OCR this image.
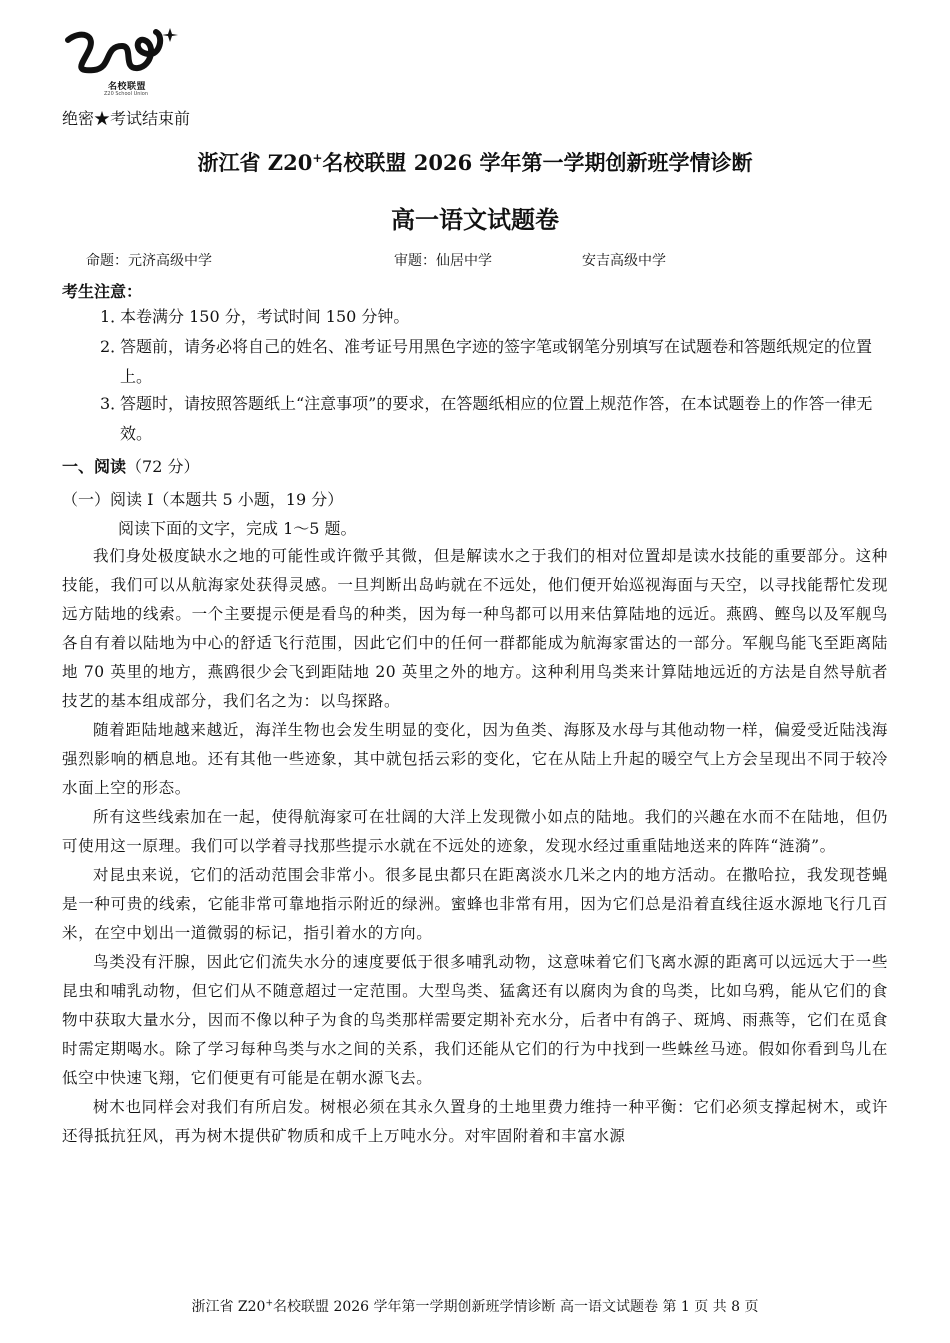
名校联盟
Z20 School Union
绝密★考试结束前
浙江省 Z20+名校联盟 2026 学年第一学期创新班学情诊断
高一语文试题卷
命题：元济高级中学	审题：仙居中学	安吉高级中学
考生注意：
1．
本卷满分 150 分，考试时间 150 分钟。
2．
答题前，请务必将自己的姓名、准考证号用黑色字迹的签字笔或钢笔分别填写在试题卷和答题纸规定的位置上。
3．
答题时，请按照答题纸上“注意事项”的要求，在答题纸相应的位置上规范作答，在本试题卷上的作答一律无效。
一、阅读（72 分）
（一）阅读 I（本题共 5 小题，19 分）
阅读下面的文字，完成 1～5 题。

我们身处极度缺水之地的可能性或许微乎其微，但是解读水之于我们的相对位置却是读水技能的重要部分。这种技能，我们可以从航海家处获得灵感。一旦判断出岛屿就在不远处，他们便开始巡视海面与天空，以寻找能帮忙发现远方陆地的线索。一个主要提示便是看鸟的种类，因为每一种鸟都可以用来估算陆地的远近。燕鸥、鲣鸟以及军舰鸟各自有着以陆地为中心的舒适飞行范围，因此它们中的任何一群都能成为航海家雷达的一部分。军舰鸟能飞至距离陆地 70 英里的地方，燕鸥很少会飞到距陆地 20 英里之外的地方。这种利用鸟类来计算陆地远近的方法是自然导航者技艺的基本组成部分，我们名之为：以鸟探路。

随着距陆地越来越近，海洋生物也会发生明显的变化，因为鱼类、海豚及水母与其他动物一样，偏爱受近陆浅海强烈影响的栖息地。还有其他一些迹象，其中就包括云彩的变化，它在从陆上升起的暖空气上方会呈现出不同于较冷水面上空的形态。

所有这些线索加在一起，使得航海家可在壮阔的大洋上发现微小如点的陆地。我们的兴趣在水而不在陆地，但仍可使用这一原理。我们可以学着寻找那些提示水就在不远处的迹象，发现水经过重重陆地送来的阵阵“涟漪”。

对昆虫来说，它们的活动范围会非常小。很多昆虫都只在距离淡水几米之内的地方活动。在撒哈拉，我发现苍蝇是一种可贵的线索，它能非常可靠地指示附近的绿洲。蜜蜂也非常有用，因为它们总是沿着直线往返水源地飞行几百米，在空中划出一道微弱的标记，指引着水的方向。

鸟类没有汗腺，因此它们流失水分的速度要低于很多哺乳动物，这意味着它们飞离水源的距离可以远远大于一些昆虫和哺乳动物，但它们从不随意超过一定范围。大型鸟类、猛禽还有以腐肉为食的鸟类，比如乌鸦，能从它们的食物中获取大量水分，因而不像以种子为食的鸟类那样需要定期补充水分，后者中有鸽子、斑鸠、雨燕等，它们在觅食时需定期喝水。除了学习每种鸟类与水之间的关系，我们还能从它们的行为中找到一些蛛丝马迹。假如你看到鸟儿在低空中快速飞翔，它们便更有可能是在朝水源飞去。

树木也同样会对我们有所启发。树根必须在其永久置身的土地里费力维持一种平衡：它们必须支撑起树木，或许还得抵抗狂风，再为树木提供矿物质和成千上万吨水分。对牢固附着和丰富水源

浙江省 Z20+名校联盟 2026 学年第一学期创新班学情诊断 高一语文试题卷 第 1 页 共 8 页
